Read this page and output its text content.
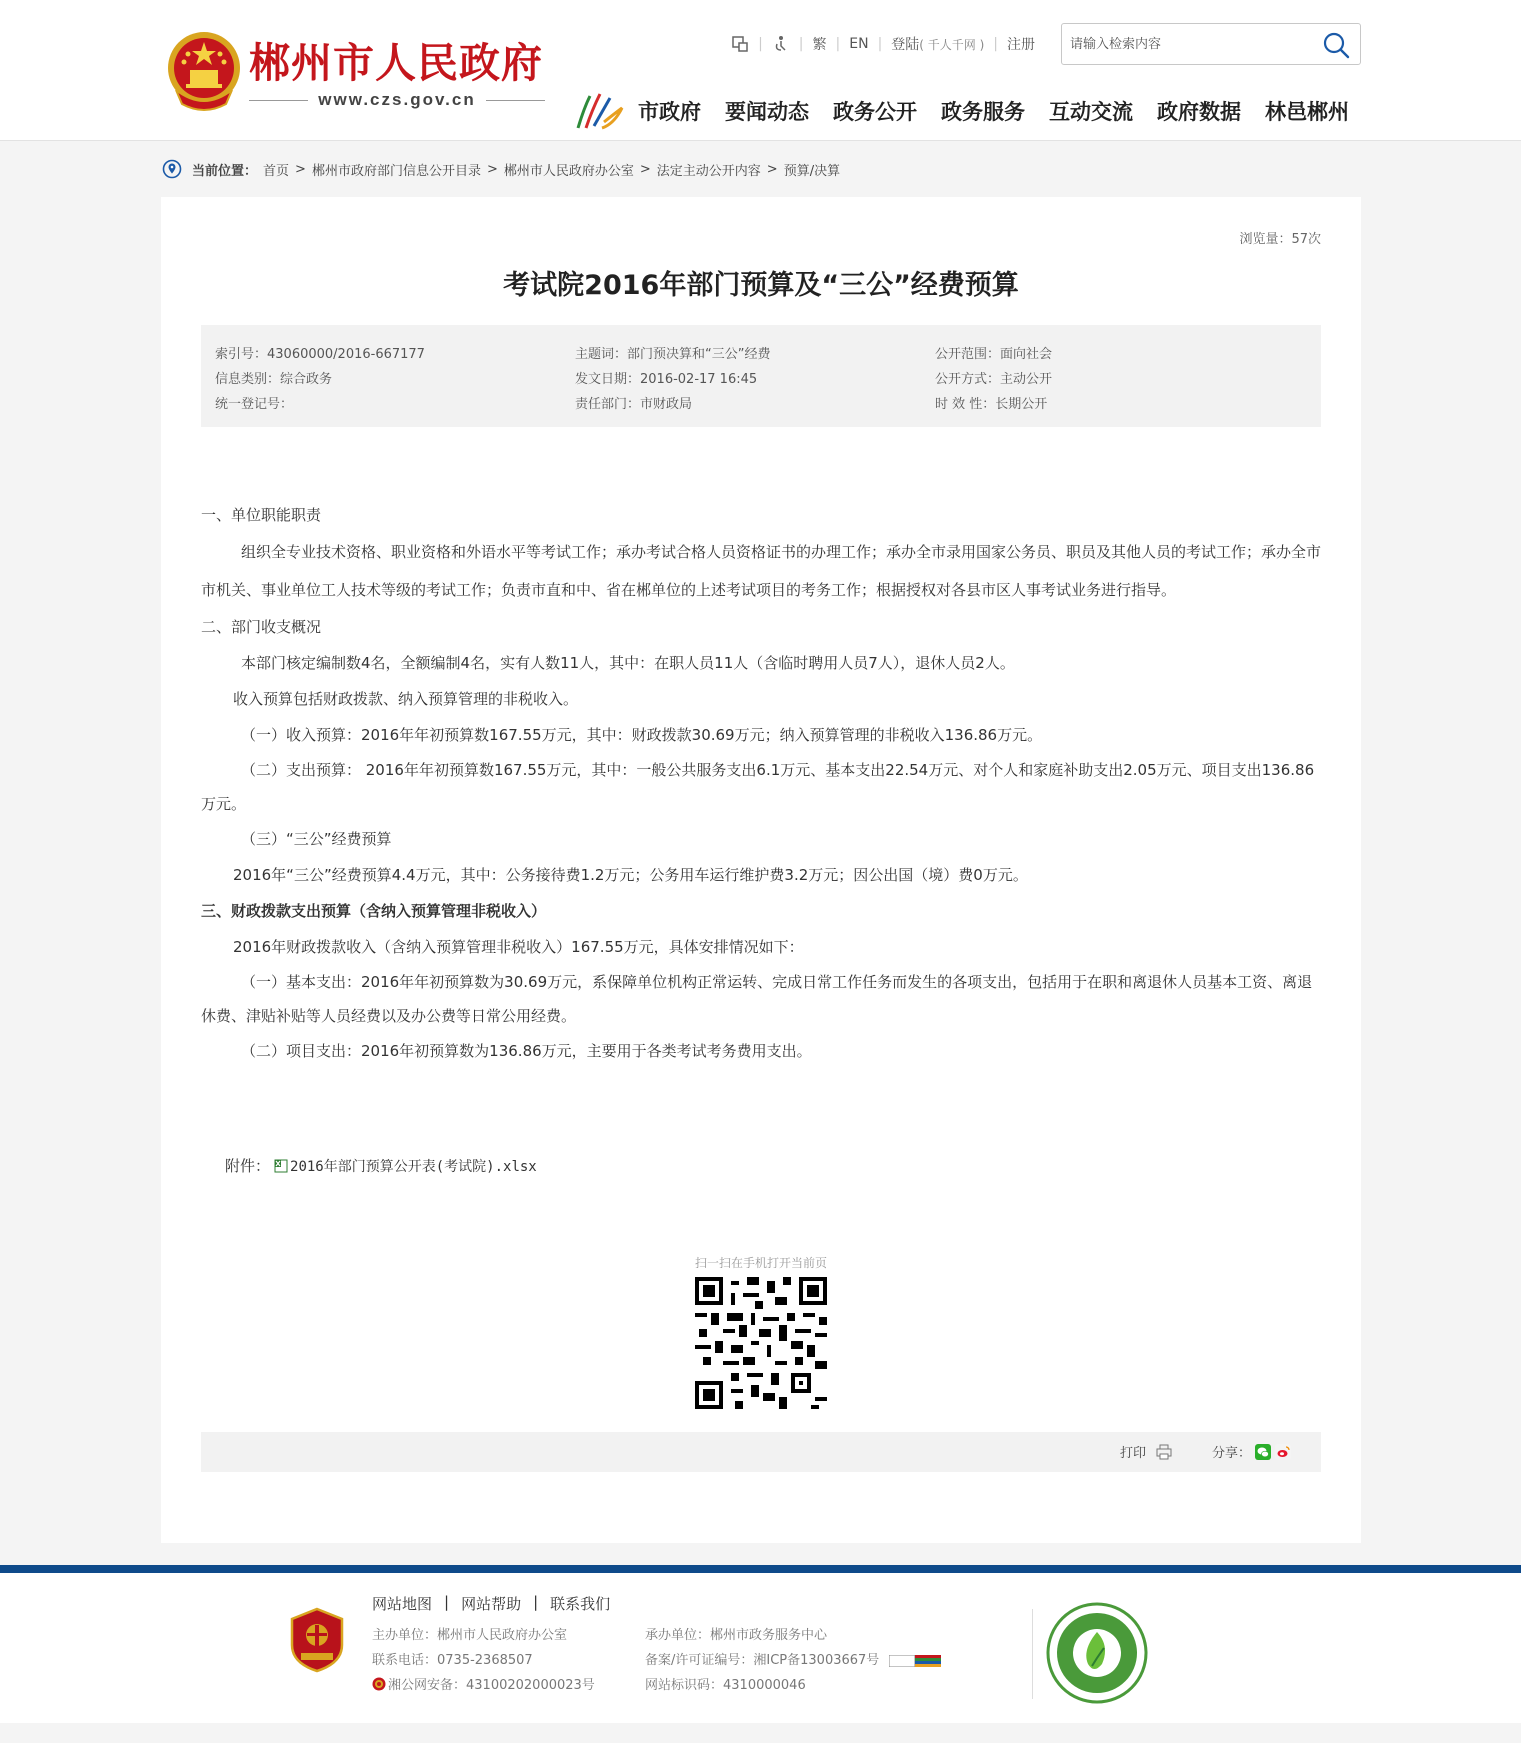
郴州市人民政府
www.czs.gov.cn
|	| 繁 | EN | 登陆 ( 千人千网 ) | 注册
请输入检索内容
市政府 要闻动态 政务公开 政务服务 互动交流 政府数据 林邑郴州
当前位置： 首页 > 郴州市政府部门信息公开目录 > 郴州市人民政府办公室 > 法定主动公开内容 > 预算/决算
浏览量：57次
考试院2016年部门预算及“三公”经费预算
索引号：43060000/2016-667177
信息类别：综合政务
统一登记号：
主题词：部门预决算和“三公”经费
发文日期：2016-02-17 16:45
责任部门：市财政局
公开范围：面向社会
公开方式：主动公开
时 效 性：长期公开

一、单位职能职责

组织全专业技术资格、职业资格和外语水平等考试工作；承办考试合格人员资格证书的办理工作；承办全市录用国家公务员、职员及其他人员的考试工作；承办全市市机关、事业单位工人技术等级的考试工作；负责市直和中、省在郴单位的上述考试项目的考务工作；根据授权对各县市区人事考试业务进行指导。

二、部门收支概况

本部门核定编制数4名，全额编制4名，实有人数11人，其中：在职人员11人（含临时聘用人员7人），退休人员2人。

收入预算包括财政拨款、纳入预算管理的非税收入。

（一）收入预算：2016年年初预算数167.55万元，其中：财政拨款30.69万元；纳入预算管理的非税收入136.86万元。

（二）支出预算： 2016年年初预算数167.55万元，其中：一般公共服务支出6.1万元、基本支出22.54万元、对个人和家庭补助支出2.05万元、项目支出136.86万元。

（三）“三公”经费预算

2016年“三公”经费预算4.4万元，其中：公务接待费1.2万元；公务用车运行维护费3.2万元；因公出国（境）费0万元。

三、财政拨款支出预算（含纳入预算管理非税收入）

2016年财政拨款收入（含纳入预算管理非税收入）167.55万元，具体安排情况如下：

（一）基本支出：2016年年初预算数为30.69万元，系保障单位机构正常运转、完成日常工作任务而发生的各项支出，包括用于在职和离退休人员基本工资、离退休费、津贴补贴等人员经费以及办公费等日常公用经费。

（二）项目支出：2016年初预算数为136.86万元，主要用于各类考试考务费用支出。

附件： 2016年部门预算公开表(考试院).xlsx
扫一扫在手机打开当前页
打印	分享：
网站地图 | 网站帮助 | 联系我们
主办单位：郴州市人民政府办公室
联系电话：0735-2368507
湘公网安备：43100202000023号
承办单位：郴州市政务服务中心
备案/许可证编号：湘ICP备13003667号
网站标识码：4310000046
